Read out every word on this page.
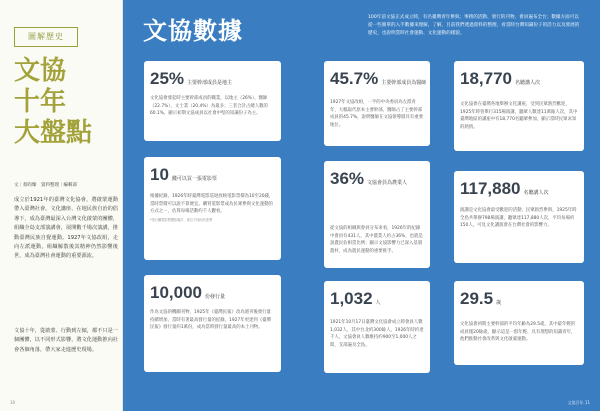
圖解歷史
文協
十年
大盤點
文｜蔡昀臻　資料整理｜編輯部
成立於1921年的臺灣文化協會，將啟蒙運動帶入臺灣社會。文化講座、在地民族自治的倡導下，成為臺灣最深入台灣文化啟蒙的團體，組織全島支部演講會，展開數千場次演講，推動臺灣民族自覺運動。1927年文協改組，走向左派運動，組織解散後其精神仍然影響後世，成為臺灣社會運動的重要源流。
文協十年，從啟蒙、行動到左傾，都不只是一個團體，以不同形式影響，將文化運動推向社會各個角落，帶大家走進歷史現場。
10
文協數據	100年前文協正式成立時，有名臺灣青年參與；事務的活動、發行的刊物、會員遍布全台；數據方面可以從一些簡單的入手數據來理解，了解，目前我們透過資料的整理，看當時台灣知識份子的活力以及發展的歷史，也說明當時社會運動、文化運動的樣貌。
25% 主要幹部成員是地主
文化協會發起時主要幹部成員的職業，以地主（26%）、醫師（22.7%）、文士業（20.4%）為最多；三者合計占總人數的60.1%，顯示初期文協成員以社會中堅的知識份子為主。
10 錢可以買一張電影票
根據紀錄，1926年時臺灣電影巡迴放映電影票價為10至20錢，當時票價可以說不算便宜。購買電影票成為民眾參與文化運動的方式之一，估算每場活動約千人觀看。
*美台團電影票價依場次、座位不同而有差異
10,000 份發行量
作為文協的機關刊物，1925年《臺灣民報》改為週刊後發行量持續增加，當時有著最高發行量的紀錄，1927年更達到《臺灣民報》發行量約1萬份，成為當時發行量最高的本土刊物。
45.7% 主要幹部成員為醫師
1927年文協改組，一半的中央委員為左派青年，大幅取代原本主要幹部，醫師占了主要幹部成員的45.7%，說明醫師在文協領導層具有重要地位。
36% 文協會員為農業人
從文協的組織與會員分布來看，1926年的紀錄中會員有431人，其中農業人約占36%，也就是說農民佔相當比例；顯示文協影響力已深入基層農村，成為農民運動的重要推手。
1,032 人
1921年10月17日臺灣文化協會成立時會員人數1,032人，其中台北約300餘人，1926年時約達千人，文協會員人數維持約900至1,000人之間，支部遍及全島。
18,770 名聽講人次
文化協會在臺灣各地舉辦文化講座，受到民眾熱烈歡迎，1925年時曾舉行315場演講，聽眾人數達11萬餘人次，其中臺灣地區的講座中有18,770名聽眾參加，顯示當時民眾求知的熱情。
117,880 名聽講人次
演講是文化協會最受歡迎的活動，民眾熱烈參與，1925年時全島共舉辦798場演講，聽眾達117,880人次，平均每場約150人，可見文化講演會在台灣社會的影響力。
29.5 歲
文化協會初期主要幹部的平均年齡為29.5歲，其中最年輕的成員僅20餘歲，顯示這是一群年輕、具有理想的知識青年，他們推動社會改革與文化啟蒙運動。
文協百年 11
